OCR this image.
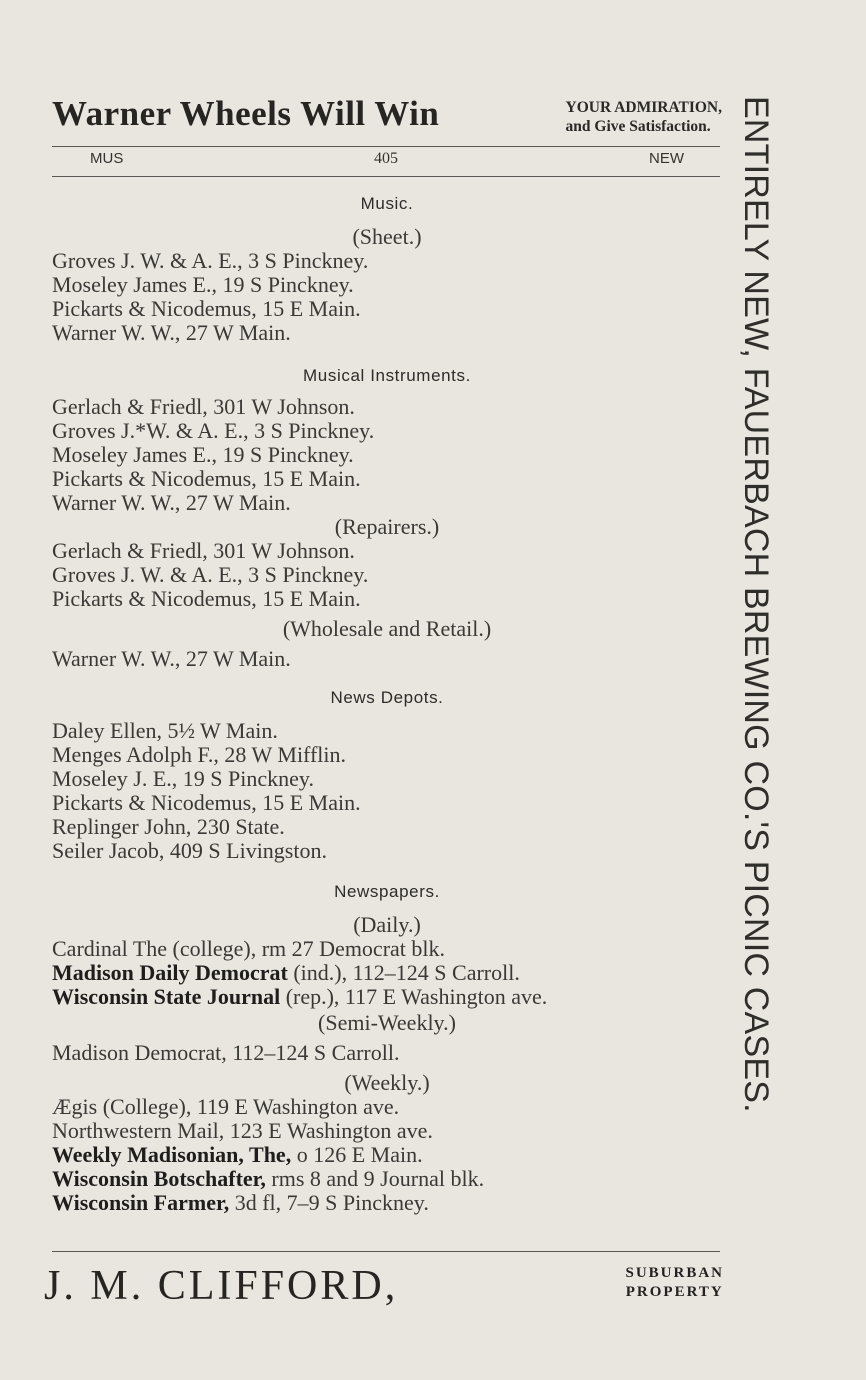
Warner Wheels Will Win	YOUR ADMIRATION,
and Give Satisfaction.
MUS	405	NEW
Music.
(Sheet.)
Groves J. W. & A. E., 3 S Pinckney.
Moseley James E., 19 S Pinckney.
Pickarts & Nicodemus, 15 E Main.
Warner W. W., 27 W Main.
Musical Instruments.
Gerlach & Friedl, 301 W Johnson.
Groves J.*W. & A. E., 3 S Pinckney.
Moseley James E., 19 S Pinckney.
Pickarts & Nicodemus, 15 E Main.
Warner W. W., 27 W Main.
(Repairers.)
Gerlach & Friedl, 301 W Johnson.
Groves J. W. & A. E., 3 S Pinckney.
Pickarts & Nicodemus, 15 E Main.
(Wholesale and Retail.)
Warner W. W., 27 W Main.
News Depots.
Daley Ellen, 5½ W Main.
Menges Adolph F., 28 W Mifflin.
Moseley J. E., 19 S Pinckney.
Pickarts & Nicodemus, 15 E Main.
Replinger John, 230 State.
Seiler Jacob, 409 S Livingston.
Newspapers.
(Daily.)
Cardinal The (college), rm 27 Democrat blk.
Madison Daily Democrat (ind.), 112–124 S Carroll.
Wisconsin State Journal (rep.), 117 E Washington ave.
(Semi-Weekly.)
Madison Democrat, 112–124 S Carroll.
(Weekly.)
Ægis (College), 119 E Washington ave.
Northwestern Mail, 123 E Washington ave.
Weekly Madisonian, The, o 126 E Main.
Wisconsin Botschafter, rms 8 and 9 Journal blk.
Wisconsin Farmer, 3d fl, 7–9 S Pinckney.
J. M. CLIFFORD,	SUBURBAN
PROPERTY
ENTIRELY NEW, FAUERBACH BREWING CO.'S PICNIC CASES.
